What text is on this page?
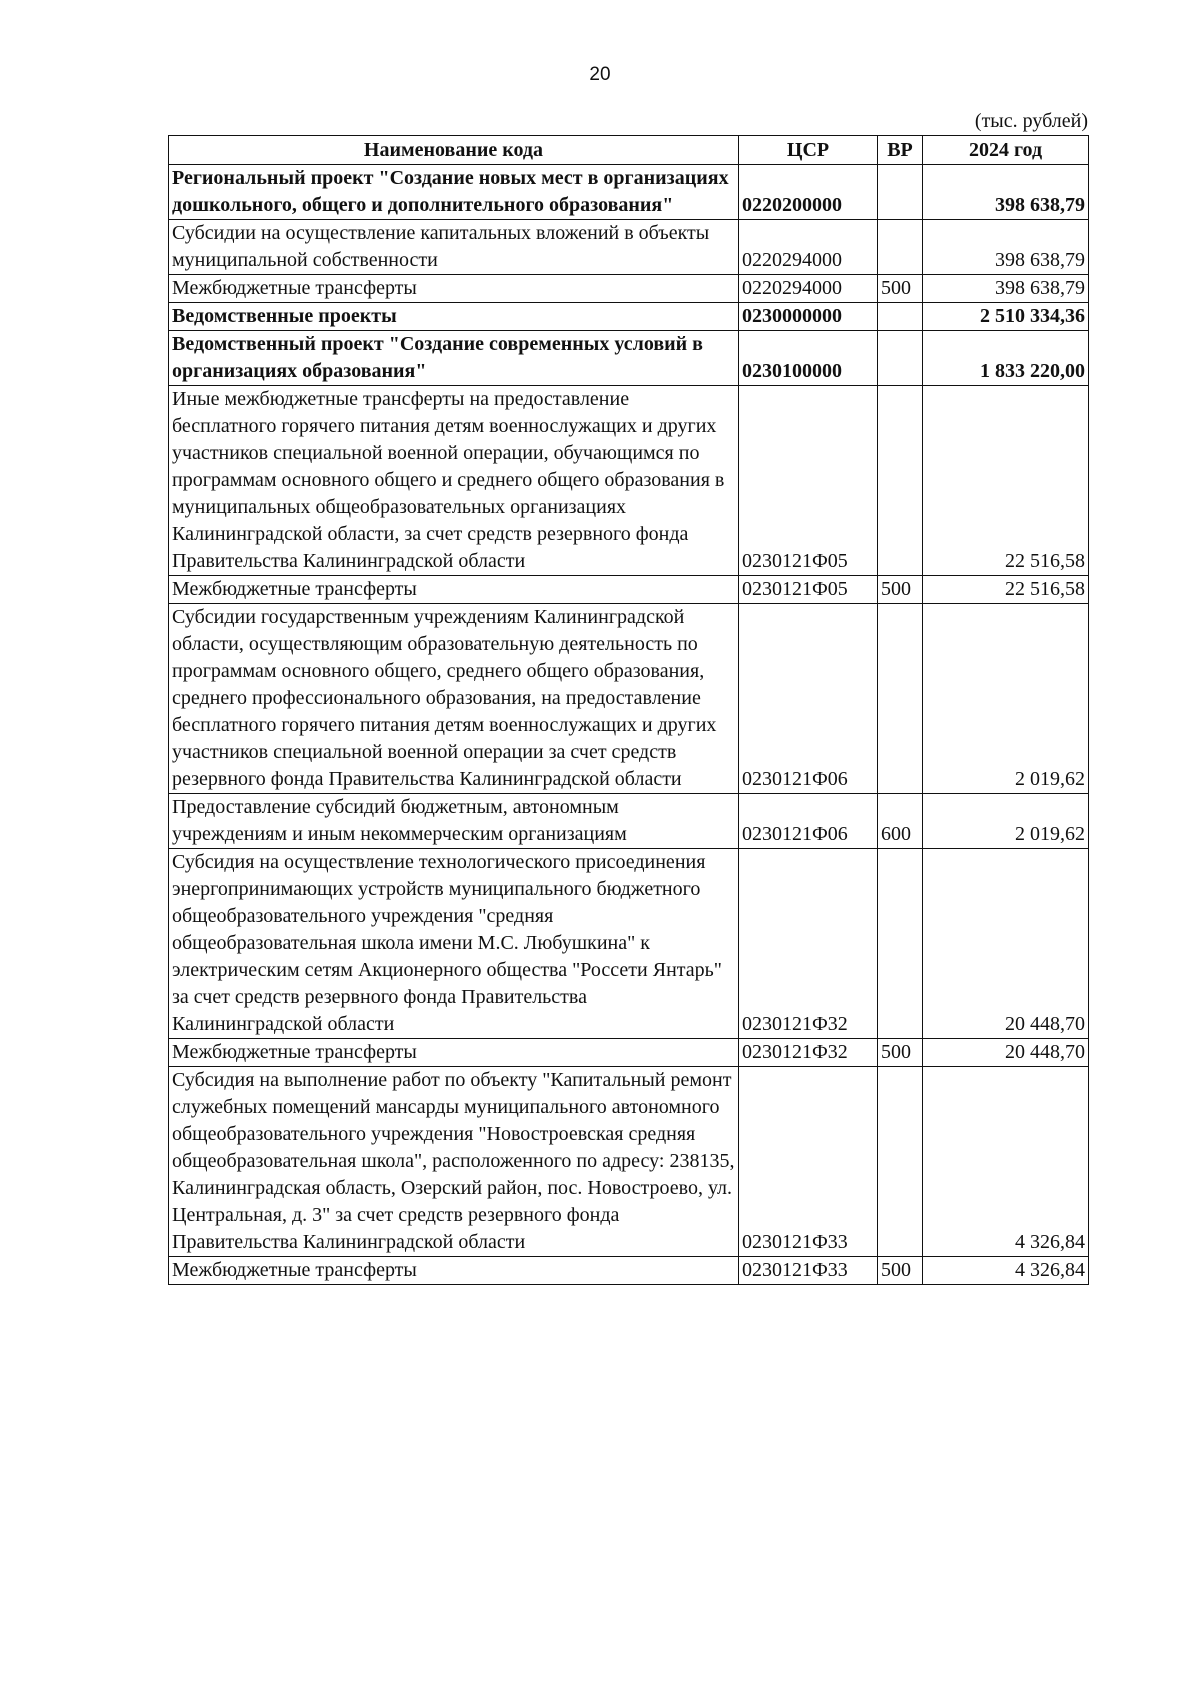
20
(тыс. рублей)
Наименование кода	ЦСР	ВР	2024 год
Региональный проект "Создание новых мест в организациях дошкольного, общего и дополнительного образования"	0220200000		398 638,79
Субсидии на осуществление капитальных вложений в объекты муниципальной собственности	0220294000		398 638,79
Межбюджетные трансферты	0220294000	500	398 638,79
Ведомственные проекты	0230000000		2 510 334,36
Ведомственный проект "Создание современных условий в организациях образования"	0230100000		1 833 220,00
Иные межбюджетные трансферты на предоставление бесплатного горячего питания детям военнослужащих и других участников специальной военной операции, обучающимся по программам основного общего и среднего общего образования в муниципальных общеобразовательных организациях Калининградской области, за счет средств резервного фонда Правительства Калининградской области	0230121Ф05		22 516,58
Межбюджетные трансферты	0230121Ф05	500	22 516,58
Субсидии государственным учреждениям Калининградской области, осуществляющим образовательную деятельность по программам основного общего, среднего общего образования, среднего профессионального образования, на предоставление бесплатного горячего питания детям военнослужащих и других участников специальной военной операции за счет средств резервного фонда Правительства Калининградской области	0230121Ф06		2 019,62
Предоставление субсидий бюджетным, автономным учреждениям и иным некоммерческим организациям	0230121Ф06	600	2 019,62
Субсидия на осуществление технологического присоединения энергопринимающих устройств муниципального бюджетного общеобразовательного учреждения "средняя общеобразовательная школа имени М.С. Любушкина" к электрическим сетям Акционерного общества "Россети Янтарь" за счет средств резервного фонда Правительства Калининградской области	0230121Ф32		20 448,70
Межбюджетные трансферты	0230121Ф32	500	20 448,70
Субсидия на выполнение работ по объекту "Капитальный ремонт служебных помещений мансарды муниципального автономного общеобразовательного учреждения "Новостроевская средняя общеобразовательная школа", расположенного по адресу: 238135, Калининградская область, Озерский район, пос. Новостроево, ул. Центральная, д. 3" за счет средств резервного фонда Правительства Калининградской области	0230121Ф33		4 326,84
Межбюджетные трансферты	0230121Ф33	500	4 326,84
